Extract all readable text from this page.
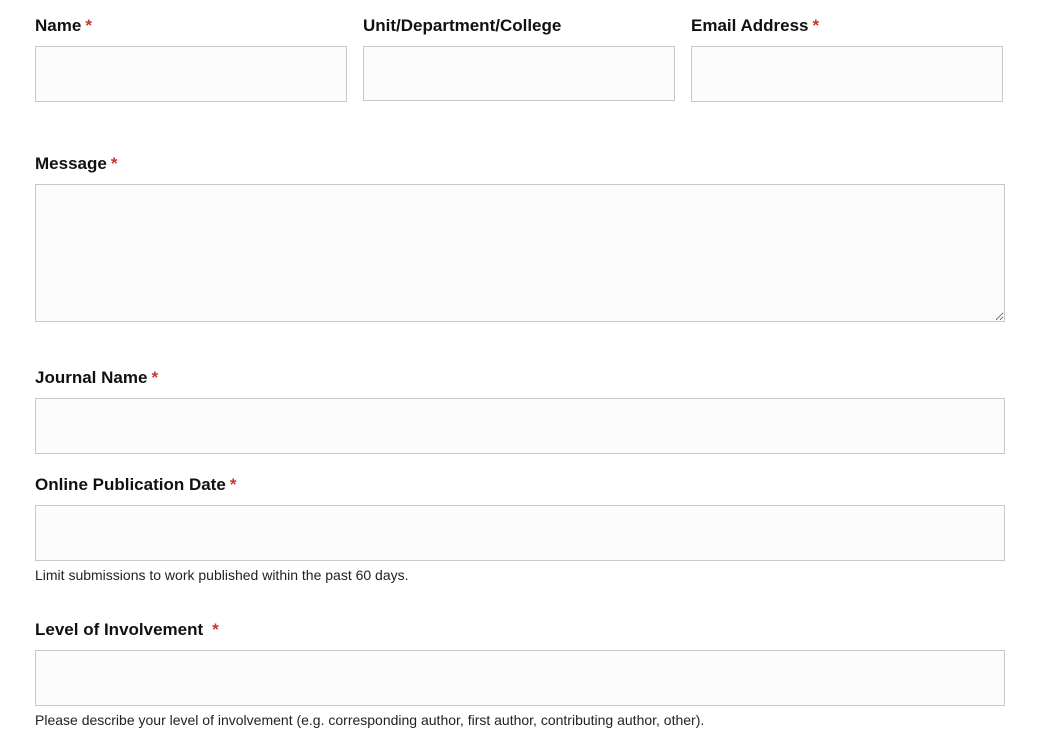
Name *	Unit/Department/College	Email Address *
Message *
Journal Name *
Online Publication Date *
Limit submissions to work published within the past 60 days.
Level of Involvement *
Please describe your level of involvement (e.g. corresponding author, first author, contributing author, other).
